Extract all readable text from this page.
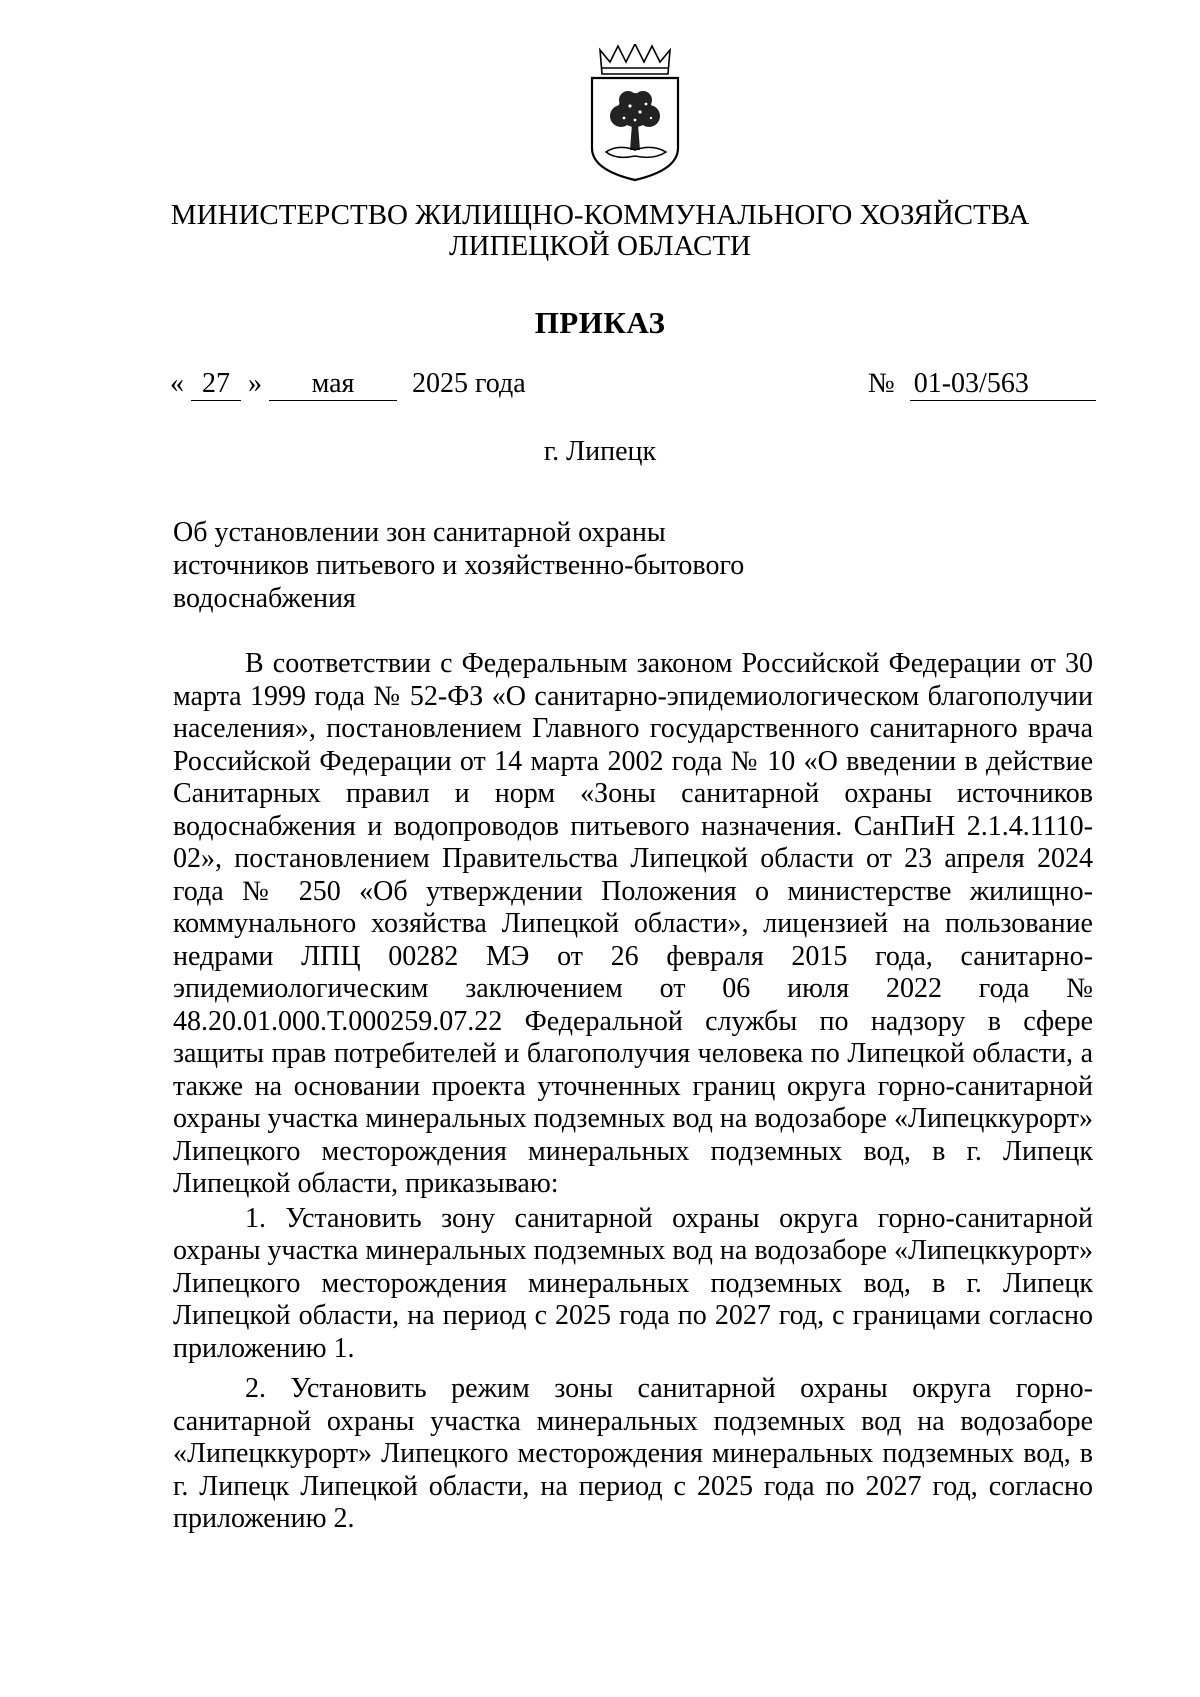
МИНИСТЕРСТВО ЖИЛИЩНО-КОММУНАЛЬНОГО ХОЗЯЙСТВА
ЛИПЕЦКОЙ ОБЛАСТИ
ПРИКАЗ
« 27 » мая 2025 года	№ 01-03/563
г. Липецк
Об установлении зон санитарной охраны
источников питьевого и хозяйственно-бытового
водоснабжения

В соответствии с Федеральным законом Российской Федерации от 30 марта 1999 года № 52-ФЗ «О санитарно-эпидемиологическом благополучии населения», постановлением Главного государственного санитарного врача Российской Федерации от 14 марта 2002 года № 10 «О введении в действие Санитарных правил и норм «Зоны санитарной охраны источников водоснабжения и водопроводов питьевого назначения. СанПиН 2.1.4.1110-02», постановлением Правительства Липецкой области от 23 апреля 2024 года № 250 «Об утверждении Положения о министерстве жилищно-коммунального хозяйства Липецкой области», лицензией на пользование недрами ЛПЦ 00282 МЭ от 26 февраля 2015 года, санитарно-эпидемиологическим заключением от 06 июля 2022 года № 48.20.01.000.Т.000259.07.22 Федеральной службы по надзору в сфере защиты прав потребителей и благополучия человека по Липецкой области, а также на основании проекта уточненных границ округа горно-санитарной охраны участка минеральных подземных вод на водозаборе «Липецккурорт» Липецкого месторождения минеральных подземных вод, в г. Липецк Липецкой области, приказываю:

1. Установить зону санитарной охраны округа горно-санитарной охраны участка минеральных подземных вод на водозаборе «Липецккурорт» Липецкого месторождения минеральных подземных вод, в г. Липецк Липецкой области, на период с 2025 года по 2027 год, с границами согласно приложению 1.

2. Установить режим зоны санитарной охраны округа горно-санитарной охраны участка минеральных подземных вод на водозаборе «Липецккурорт» Липецкого месторождения минеральных подземных вод, в г. Липецк Липецкой области, на период с 2025 года по 2027 год, согласно приложению 2.
